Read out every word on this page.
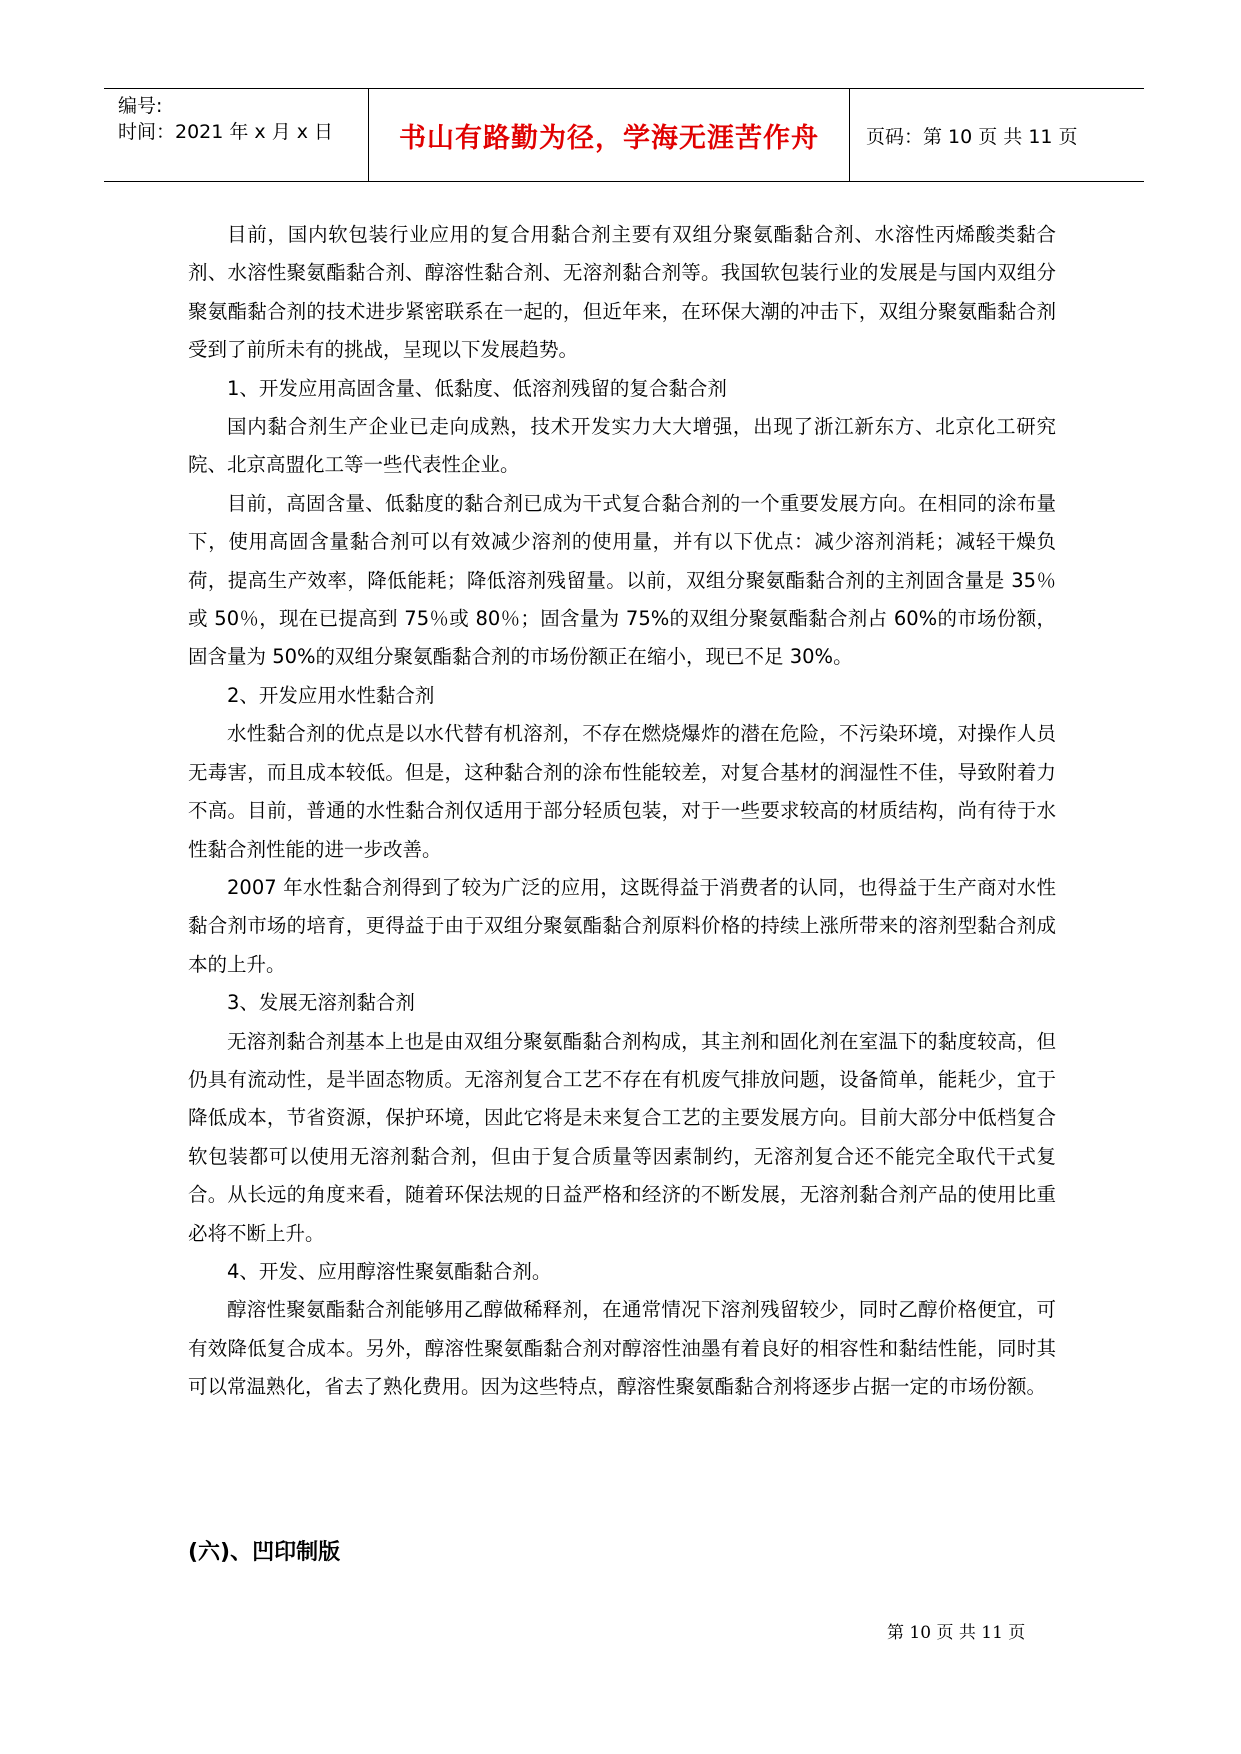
编号:
时间：2021 年 x 月 x 日 书山有路勤为径，学海无涯苦作舟 页码：第 10 页 共 11 页

目前，国内软包装行业应用的复合用黏合剂主要有双组分聚氨酯黏合剂、水溶性丙烯酸类黏合剂、水溶性聚氨酯黏合剂、醇溶性黏合剂、无溶剂黏合剂等。我国软包装行业的发展是与国内双组分聚氨酯黏合剂的技术进步紧密联系在一起的，但近年来，在环保大潮的冲击下，双组分聚氨酯黏合剂受到了前所未有的挑战，呈现以下发展趋势。

1、开发应用高固含量、低黏度、低溶剂残留的复合黏合剂

国内黏合剂生产企业已走向成熟，技术开发实力大大增强，出现了浙江新东方、北京化工研究院、北京高盟化工等一些代表性企业。

目前，高固含量、低黏度的黏合剂已成为干式复合黏合剂的一个重要发展方向。在相同的涂布量下，使用高固含量黏合剂可以有效减少溶剂的使用量，并有以下优点：减少溶剂消耗；减轻干燥负荷，提高生产效率，降低能耗；降低溶剂残留量。以前，双组分聚氨酯黏合剂的主剂固含量是 35％或 50％，现在已提高到 75％或 80％；固含量为 75%的双组分聚氨酯黏合剂占 60%的市场份额，固含量为 50%的双组分聚氨酯黏合剂的市场份额正在缩小，现已不足 30%。

2、开发应用水性黏合剂

水性黏合剂的优点是以水代替有机溶剂，不存在燃烧爆炸的潜在危险，不污染环境，对操作人员无毒害，而且成本较低。但是，这种黏合剂的涂布性能较差，对复合基材的润湿性不佳，导致附着力不高。目前，普通的水性黏合剂仅适用于部分轻质包装，对于一些要求较高的材质结构，尚有待于水性黏合剂性能的进一步改善。

2007 年水性黏合剂得到了较为广泛的应用，这既得益于消费者的认同，也得益于生产商对水性黏合剂市场的培育，更得益于由于双组分聚氨酯黏合剂原料价格的持续上涨所带来的溶剂型黏合剂成本的上升。

3、发展无溶剂黏合剂

无溶剂黏合剂基本上也是由双组分聚氨酯黏合剂构成，其主剂和固化剂在室温下的黏度较高，但仍具有流动性，是半固态物质。无溶剂复合工艺不存在有机废气排放问题，设备简单，能耗少，宜于降低成本，节省资源，保护环境，因此它将是未来复合工艺的主要发展方向。目前大部分中低档复合软包装都可以使用无溶剂黏合剂，但由于复合质量等因素制约，无溶剂复合还不能完全取代干式复合。从长远的角度来看，随着环保法规的日益严格和经济的不断发展，无溶剂黏合剂产品的使用比重必将不断上升。

4、开发、应用醇溶性聚氨酯黏合剂。

醇溶性聚氨酯黏合剂能够用乙醇做稀释剂，在通常情况下溶剂残留较少，同时乙醇价格便宜，可有效降低复合成本。另外，醇溶性聚氨酯黏合剂对醇溶性油墨有着良好的相容性和黏结性能，同时其可以常温熟化，省去了熟化费用。因为这些特点，醇溶性聚氨酯黏合剂将逐步占据一定的市场份额。

(六)、凹印制版
第 10 页 共 11 页
